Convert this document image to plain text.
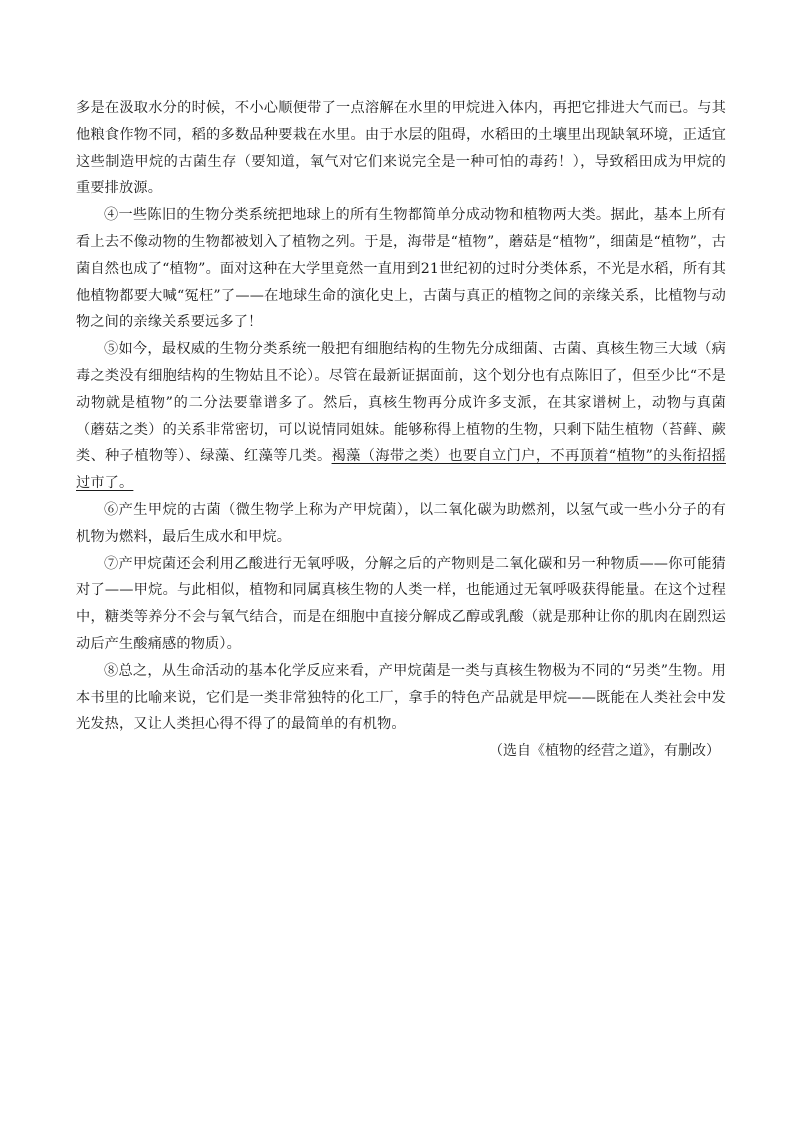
多是在汲取水分的时候，不小心顺便带了一点溶解在水里的甲烷进入体内，再把它排进大气而已。与其他粮食作物不同，稻的多数品种要栽在水里。由于水层的阻碍，水稻田的土壤里出现缺氧环境，正适宜这些制造甲烷的古菌生存（要知道，氧气对它们来说完全是一种可怕的毒药！），导致稻田成为甲烷的重要排放源。

④一些陈旧的生物分类系统把地球上的所有生物都简单分成动物和植物两大类。据此，基本上所有看上去不像动物的生物都被划入了植物之列。于是，海带是“植物”，蘑菇是“植物”，细菌是“植物”，古菌自然也成了“植物”。面对这种在大学里竟然一直用到21世纪初的过时分类体系，不光是水稻，所有其他植物都要大喊“冤枉”了——在地球生命的演化史上，古菌与真正的植物之间的亲缘关系，比植物与动物之间的亲缘关系要远多了！

⑤如今，最权威的生物分类系统一般把有细胞结构的生物先分成细菌、古菌、真核生物三大域（病毒之类没有细胞结构的生物姑且不论）。尽管在最新证据面前，这个划分也有点陈旧了，但至少比“不是动物就是植物”的二分法要靠谱多了。然后，真核生物再分成许多支派，在其家谱树上，动物与真菌（蘑菇之类）的关系非常密切，可以说情同姐妹。能够称得上植物的生物，只剩下陆生植物（苔藓、蕨类、种子植物等）、绿藻、红藻等几类。褐藻（海带之类）也要自立门户，不再顶着“植物”的头衔招摇过市了。

⑥产生甲烷的古菌（微生物学上称为产甲烷菌），以二氧化碳为助燃剂，以氢气或一些小分子的有机物为燃料，最后生成水和甲烷。

⑦产甲烷菌还会利用乙酸进行无氧呼吸，分解之后的产物则是二氧化碳和另一种物质——你可能猜对了——甲烷。与此相似，植物和同属真核生物的人类一样，也能通过无氧呼吸获得能量。在这个过程中，糖类等养分不会与氧气结合，而是在细胞中直接分解成乙醇或乳酸（就是那种让你的肌肉在剧烈运动后产生酸痛感的物质）。

⑧总之，从生命活动的基本化学反应来看，产甲烷菌是一类与真核生物极为不同的“另类”生物。用本书里的比喻来说，它们是一类非常独特的化工厂，拿手的特色产品就是甲烷——既能在人类社会中发光发热，又让人类担心得不得了的最简单的有机物。

（选自《植物的经营之道》，有删改）
